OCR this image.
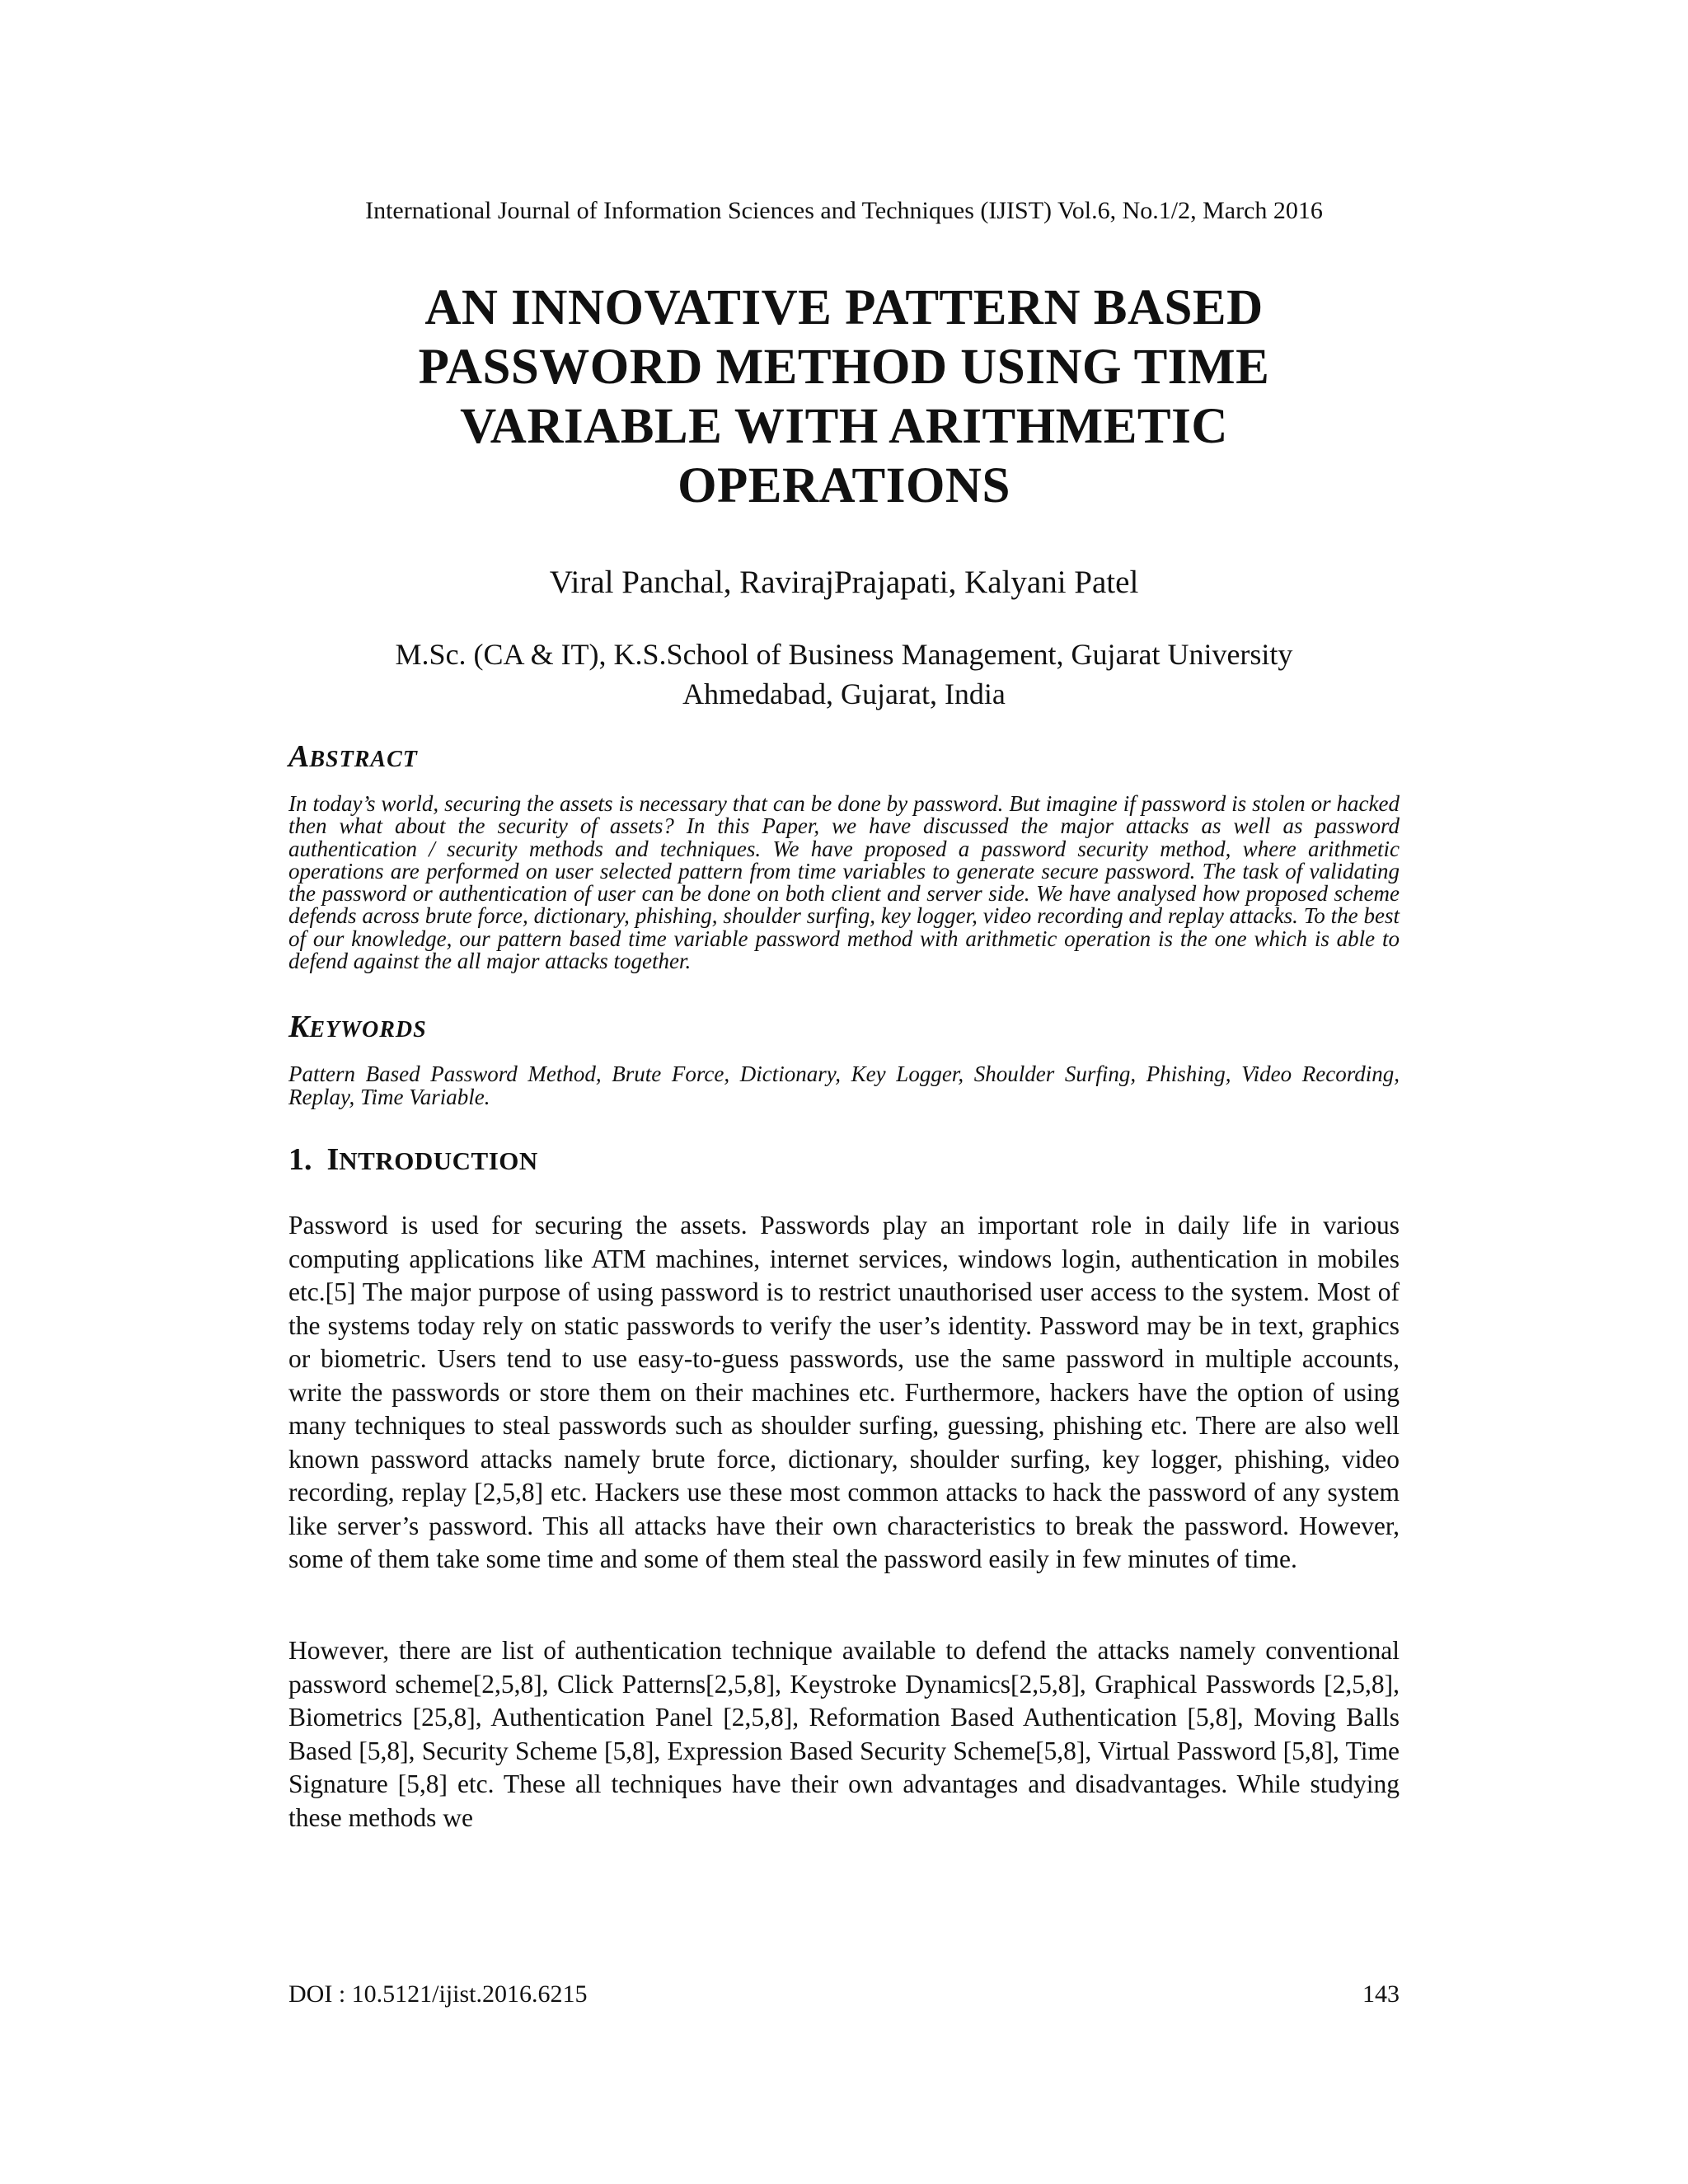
International Journal of Information Sciences and Techniques (IJIST) Vol.6, No.1/2, March 2016
AN INNOVATIVE PATTERN BASED
PASSWORD METHOD USING TIME
VARIABLE WITH ARITHMETIC
OPERATIONS
Viral Panchal, RavirajPrajapati, Kalyani Patel
M.Sc. (CA & IT), K.S.School of Business Management, Gujarat University
Ahmedabad, Gujarat, India
ABSTRACT
In today’s world, securing the assets is necessary that can be done by password. But imagine if password is stolen or hacked then what about the security of assets? In this Paper, we have discussed the major attacks as well as password authentication / security methods and techniques. We have proposed a password security method, where arithmetic operations are performed on user selected pattern from time variables to generate secure password. The task of validating the password or authentication of user can be done on both client and server side. We have analysed how proposed scheme defends across brute force, dictionary, phishing, shoulder surfing, key logger, video recording and replay attacks. To the best of our knowledge, our pattern based time variable password method with arithmetic operation is the one which is able to defend against the all major attacks together.
KEYWORDS
Pattern Based Password Method, Brute Force, Dictionary, Key Logger, Shoulder Surfing, Phishing, Video Recording, Replay, Time Variable.
1. INTRODUCTION
Password is used for securing the assets. Passwords play an important role in daily life in various computing applications like ATM machines, internet services, windows login, authentication in mobiles etc.[5] The major purpose of using password is to restrict unauthorised user access to the system. Most of the systems today rely on static passwords to verify the user’s identity. Password may be in text, graphics or biometric. Users tend to use easy-to-guess passwords, use the same password in multiple accounts, write the passwords or store them on their machines etc. Furthermore, hackers have the option of using many techniques to steal passwords such as shoulder surfing, guessing, phishing etc. There are also well known password attacks namely brute force, dictionary, shoulder surfing, key logger, phishing, video recording, replay [2,5,8] etc. Hackers use these most common attacks to hack the password of any system like server’s password. This all attacks have their own characteristics to break the password. However, some of them take some time and some of them steal the password easily in few minutes of time.
However, there are list of authentication technique available to defend the attacks namely conventional password scheme[2,5,8], Click Patterns[2,5,8], Keystroke Dynamics[2,5,8], Graphical Passwords [2,5,8], Biometrics [25,8], Authentication Panel [2,5,8], Reformation Based Authentication [5,8], Moving Balls Based [5,8], Security Scheme [5,8], Expression Based Security Scheme[5,8], Virtual Password [5,8], Time Signature [5,8] etc. These all techniques have their own advantages and disadvantages. While studying these methods we
DOI : 10.5121/ijist.2016.6215	143
